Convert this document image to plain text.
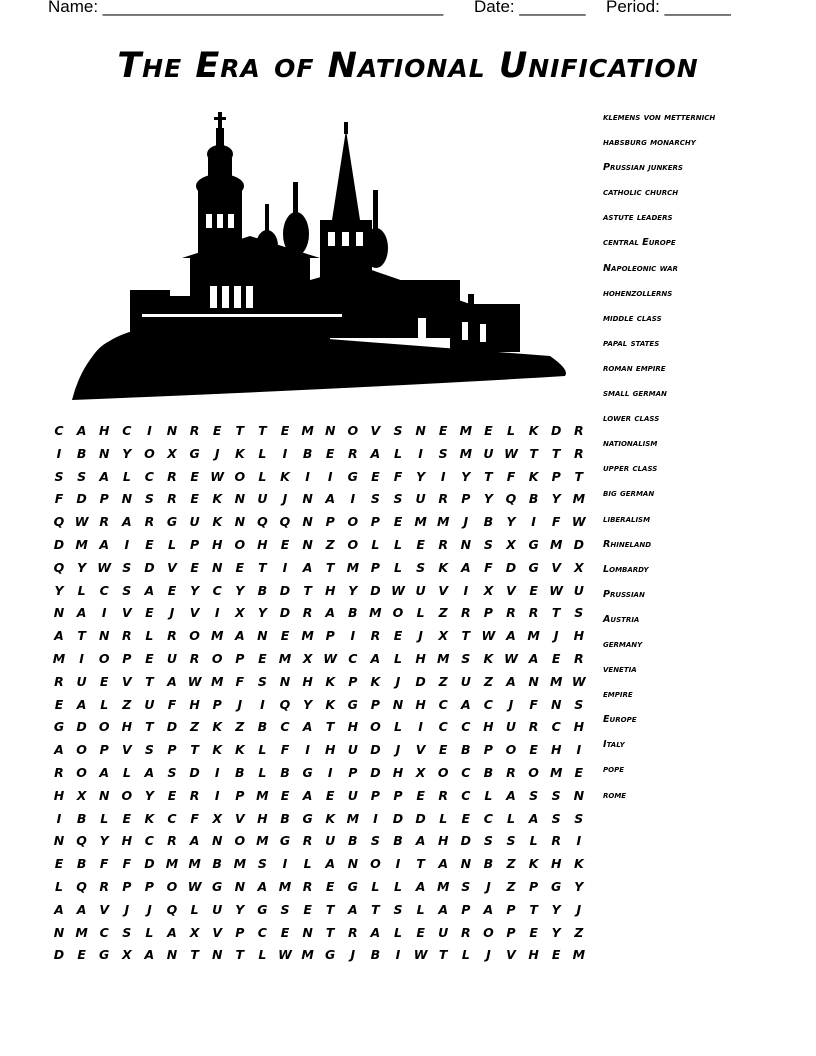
Name: ____________________________________ Date: _______ Period: _______
The Era of National Unification
C	A	H	C	I	N	R	E	T	T	E M N O V	S	N	E M E	L	K	D	R
I	B	N	Y	O X	G	J	K	L	I	B	E	R	A	L	I	S M U W T	T	R
S	S	A	L	C	R	E W O	L	K	I	I	G	E	F	Y	I	Y	T	F	K	P	T
F	D	P	N	S	R	E	K	N U	J	N	A	I	S	S	U	R	P	Y	Q	B	Y M
Q W R	A	R	G U	K	N Q Q N	P	O	P	E M M	J	B	Y	I	F W
D M A	I	E	L	P	H O H	E	N	Z	O	L	L	E	R	N	S	X	G M D
Q	Y W S	D	V	E	N	E	T	I	A	T M P	L	S	K	A	F	D G	V	X
Y	L	C	S	A	E	Y	C	Y	B	D	T	H	Y	D W U	V	I	X	V	E W U
N	A	I	V	E	J	V	I	X	Y	D	R	A	B M O	L	Z	R	P	R	R	T	S
A	T	N	R	L	R O M A	N	E M P	I	R	E	J	X	T W A M	J	H
M	I	O	P	E	U	R O	P	E M X W C	A	L	H M S	K W A	E	R
R	U	E	V	T	A W M F	S	N H	K	P	K	J	D	Z	U	Z	A	N M W
E	A	L	Z	U	F	H	P	J	I	Q	Y	K	G	P	N H	C	A	C	J	F	N	S
G D O H	T	D	Z	K	Z	B	C	A	T	H O	L	I	C	C	H U	R	C	H
A O	P	V	S	P	T	K	K	L	F	I	H U D	J	V	E	B	P	O	E	H	I
R O A	L	A	S	D	I	B	L	B	G	I	P	D H	X O	C	B	R O M E
H	X	N O	Y	E	R	I	P M E	A	E	U	P	P	E	R	C	L	A	S	S	N
I	B	L	E	K	C	F	X	V	H	B	G	K M	I	D D	L	E	C	L	A	S	S
N Q	Y	H	C	R	A	N O M G	R	U	B	S	B	A	H D	S	S	L	R	I
E	B	F	F	D M M B M S	I	L	A	N O	I	T	A	N	B	Z	K	H	K
L	Q R	P	P	O W G N	A M R	E	G	L	L	A M S	J	Z	P	G	Y
A	A	V	J	J	Q	L	U	Y	G	S	E	T	A	T	S	L	A	P	A	P	T	Y	J
N M C	S	L	A	X	V	P	C	E	N	T	R	A	L	E	U	R O	P	E	Y	Z
D	E	G	X	A	N	T	N	T	L W M G	J	B	I	W T	L	J	V	H	E M
klemens von metternich
habsburg monarchy
Prussian junkers
catholic church
astute leaders
central Europe
Napoleonic war
hohenzollerns
middle class
papal states
roman empire
small german
lower class
nationalism
upper class
big german
liberalism
Rhineland
Lombardy
Prussian
Austria
germany
venetia
empire
Europe
Italy
pope
rome
